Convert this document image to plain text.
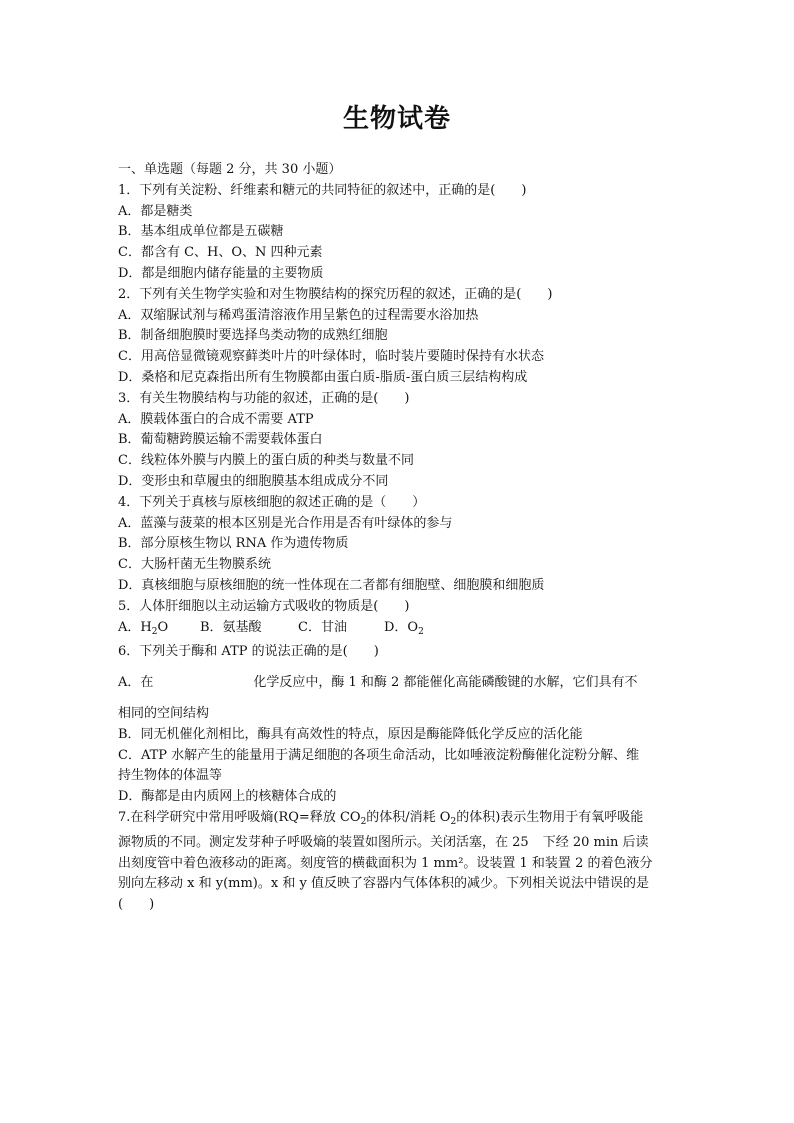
生物试卷
一、单选题（每题 2 分，共 30 小题）
1．下列有关淀粉、纤维素和糖元的共同特征的叙述中，正确的是(　　)
A．都是糖类
B．基本组成单位都是五碳糖
C．都含有 C、H、O、N 四种元素
D．都是细胞内储存能量的主要物质
2．下列有关生物学实验和对生物膜结构的探究历程的叙述，正确的是(　　)
A．双缩脲试剂与稀鸡蛋清溶液作用呈紫色的过程需要水浴加热
B．制备细胞膜时要选择鸟类动物的成熟红细胞
C．用高倍显微镜观察藓类叶片的叶绿体时，临时装片要随时保持有水状态
D．桑格和尼克森指出所有生物膜都由蛋白质-脂质-蛋白质三层结构构成
3．有关生物膜结构与功能的叙述，正确的是(　　)
A．膜载体蛋白的合成不需要 ATP
B．葡萄糖跨膜运输不需要载体蛋白
C．线粒体外膜与内膜上的蛋白质的种类与数量不同
D．变形虫和草履虫的细胞膜基本组成成分不同
4．下列关于真核与原核细胞的叙述正确的是（　　）
A．蓝藻与菠菜的根本区别是光合作用是否有叶绿体的参与
B．部分原核生物以 RNA 作为遗传物质
C．大肠杆菌无生物膜系统
D．真核细胞与原核细胞的统一性体现在二者都有细胞壁、细胞膜和细胞质
5．人体肝细胞以主动运输方式吸收的物质是(　　)
A．$H_2O$ B．氨基酸	C．甘油	D．$O_2$
6．下列关于酶和 ATP 的说法正确的是(　　)
A．在	化学反应中，酶 1 和酶 2 都能催化高能磷酸键的水解，它们具有不
相同的空间结构
B．同无机催化剂相比，酶具有高效性的特点，原因是酶能降低化学反应的活化能
C．ATP 水解产生的能量用于满足细胞的各项生命活动，比如唾液淀粉酶催化淀粉分解、维
持生物体的体温等
D．酶都是由内质网上的核糖体合成的
7.在科学研究中常用呼吸熵(RQ=释放 $CO_2$的体积/消耗 $O_2$的体积)表示生物用于有氧呼吸能
源物质的不同。测定发芽种子呼吸熵的装置如图所示。关闭活塞，在 25 下经 20 min 后读
出刻度管中着色液移动的距离。刻度管的横截面积为 1 mm²。设装置 1 和装置 2 的着色液分
别向左移动 x 和 y(mm)。x 和 y 值反映了容器内气体体积的减少。下列相关说法中错误的是
(　　)
